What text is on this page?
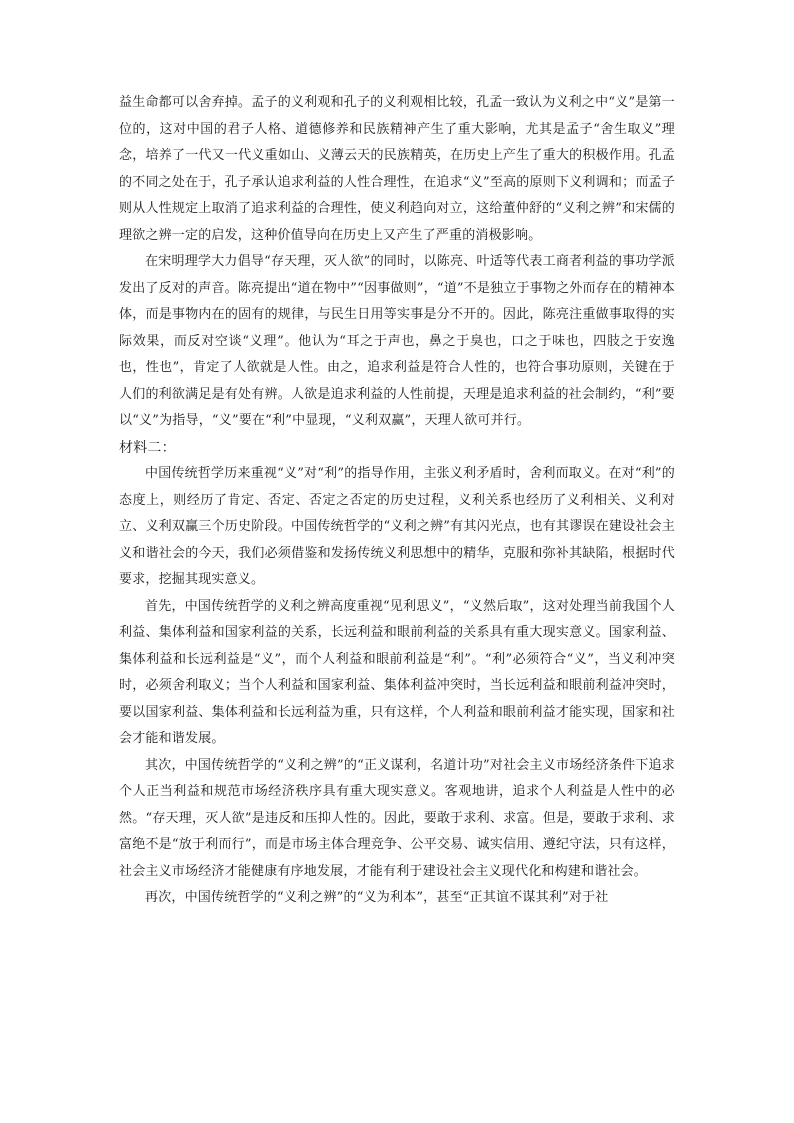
益生命都可以舍弃掉。孟子的义利观和孔子的义利观相比较，孔孟一致认为义利之中“义”是第一位的，这对中国的君子人格、道德修养和民族精神产生了重大影响，尤其是孟子“舍生取义”理念，培养了一代又一代义重如山、义薄云天的民族精英，在历史上产生了重大的积极作用。孔孟的不同之处在于，孔子承认追求利益的人性合理性，在追求“义”至高的原则下义利调和；而孟子则从人性规定上取消了追求利益的合理性，使义利趋向对立，这给董仲舒的“义利之辨”和宋儒的理欲之辨一定的启发，这种价值导向在历史上又产生了严重的消极影响。

在宋明理学大力倡导“存天理，灭人欲”的同时，以陈亮、叶适等代表工商者利益的事功学派发出了反对的声音。陈亮提出“道在物中”“因事做则”，“道”不是独立于事物之外而存在的精神本体，而是事物内在的固有的规律，与民生日用等实事是分不开的。因此，陈亮注重做事取得的实际效果，而反对空谈“义理”。他认为“耳之于声也，鼻之于臭也，口之于味也，四肢之于安逸也，性也”，肯定了人欲就是人性。由之，追求利益是符合人性的，也符合事功原则，关键在于人们的利欲满足是有处有辨。人欲是追求利益的人性前提，天理是追求利益的社会制约，“利”要以“义”为指导，“义”要在“利”中显现，“义利双赢”，天理人欲可并行。

材料二：

中国传统哲学历来重视“义”对“利”的指导作用，主张义利矛盾时，舍利而取义。在对“利”的态度上，则经历了肯定、否定、否定之否定的历史过程，义利关系也经历了义利相关、义利对立、义利双赢三个历史阶段。中国传统哲学的“义利之辨”有其闪光点，也有其谬误在建设社会主义和谐社会的今天，我们必须借鉴和发扬传统义利思想中的精华，克服和弥补其缺陷，根据时代要求，挖掘其现实意义。

首先，中国传统哲学的义利之辨高度重视“见利思义”，“义然后取”，这对处理当前我国个人利益、集体利益和国家利益的关系，长远利益和眼前利益的关系具有重大现实意义。国家利益、集体利益和长远利益是“义”，而个人利益和眼前利益是“利”。“利”必须符合“义”，当义利冲突时，必须舍利取义；当个人利益和国家利益、集体利益冲突时，当长远利益和眼前利益冲突时，要以国家利益、集体利益和长远利益为重，只有这样，个人利益和眼前利益才能实现，国家和社会才能和谐发展。

其次，中国传统哲学的“义利之辨”的“正义谋利，名道计功”对社会主义市场经济条件下追求个人正当利益和规范市场经济秩序具有重大现实意义。客观地讲，追求个人利益是人性中的必然。“存天理，灭人欲”是违反和压抑人性的。因此，要敢于求利、求富。但是，要敢于求利、求富绝不是“放于利而行”，而是市场主体合理竞争、公平交易、诚实信用、遵纪守法，只有这样，社会主义市场经济才能健康有序地发展，才能有利于建设社会主义现代化和构建和谐社会。

再次，中国传统哲学的“义利之辨”的“义为利本”，甚至“正其谊不谋其利”对于社
